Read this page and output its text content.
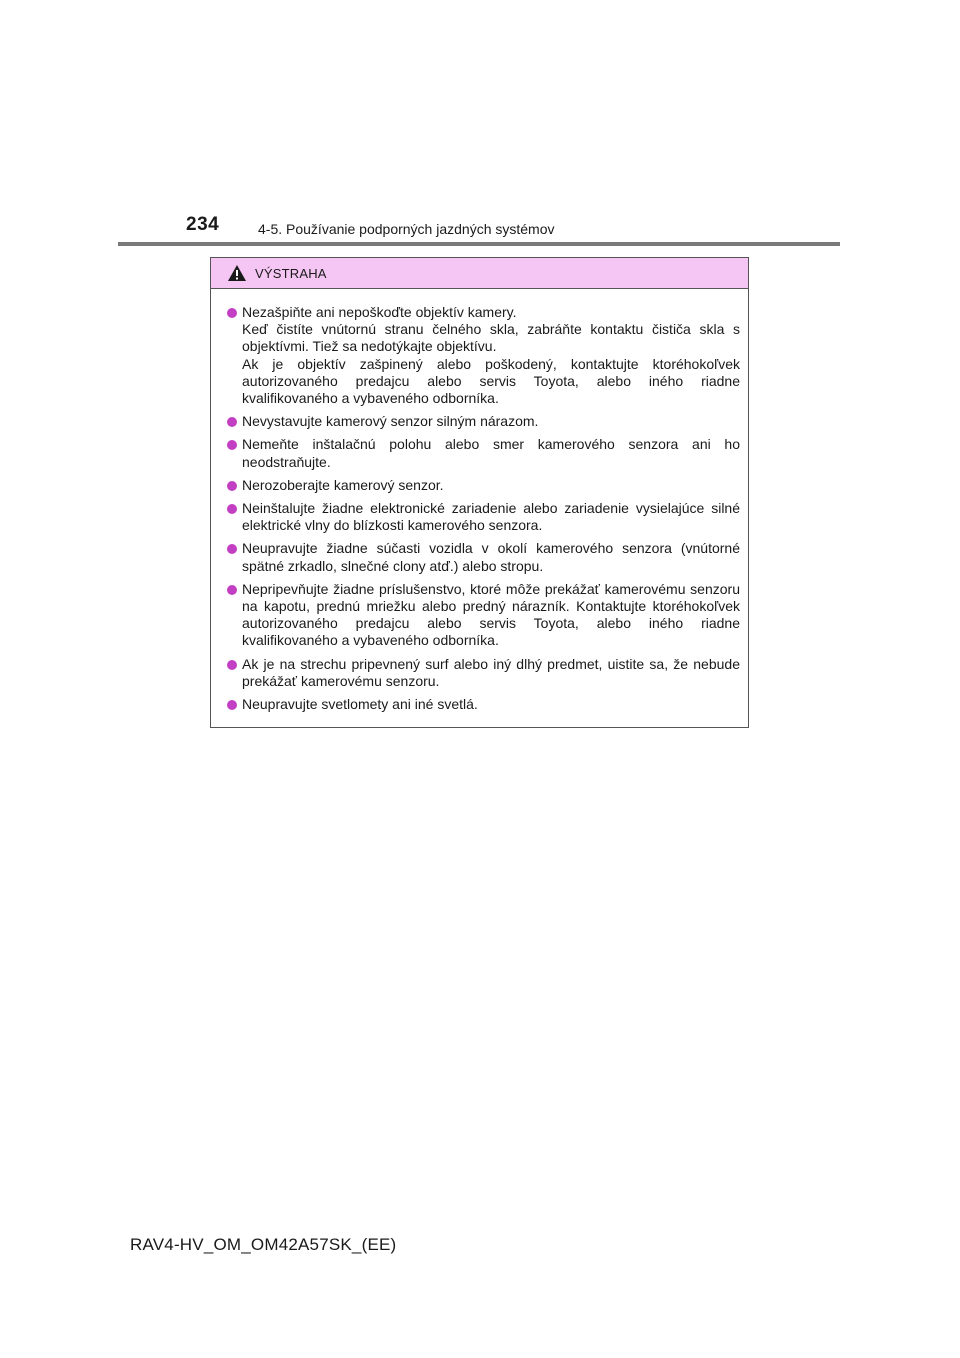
234	4-5. Používanie podporných jazdných systémov
VÝSTRAHA
Nezašpiňte ani nepoškoďte objektív kamery.
Keď čistíte vnútornú stranu čelného skla, zabráňte kontaktu čističa skla s objektívmi. Tiež sa nedotýkajte objektívu.
Ak je objektív zašpinený alebo poškodený, kontaktujte ktoréhokoľvek autorizovaného predajcu alebo servis Toyota, alebo iného riadne kvalifikovaného a vybaveného odborníka.
Nevystavujte kamerový senzor silným nárazom.
Nemeňte inštalačnú polohu alebo smer kamerového senzora ani ho neodstraňujte.
Nerozoberajte kamerový senzor.
Neinštalujte žiadne elektronické zariadenie alebo zariadenie vysielajúce silné elektrické vlny do blízkosti kamerového senzora.
Neupravujte žiadne súčasti vozidla v okolí kamerového senzora (vnútorné spätné zrkadlo, slnečné clony atď.) alebo stropu.
Nepripevňujte žiadne príslušenstvo, ktoré môže prekážať kamerovému senzoru na kapotu, prednú mriežku alebo predný nárazník. Kontaktujte ktoréhokoľvek autorizovaného predajcu alebo servis Toyota, alebo iného riadne kvalifikovaného a vybaveného odborníka.
Ak je na strechu pripevnený surf alebo iný dlhý predmet, uistite sa, že nebude prekážať kamerovému senzoru.
Neupravujte svetlomety ani iné svetlá.
RAV4-HV_OM_OM42A57SK_(EE)
